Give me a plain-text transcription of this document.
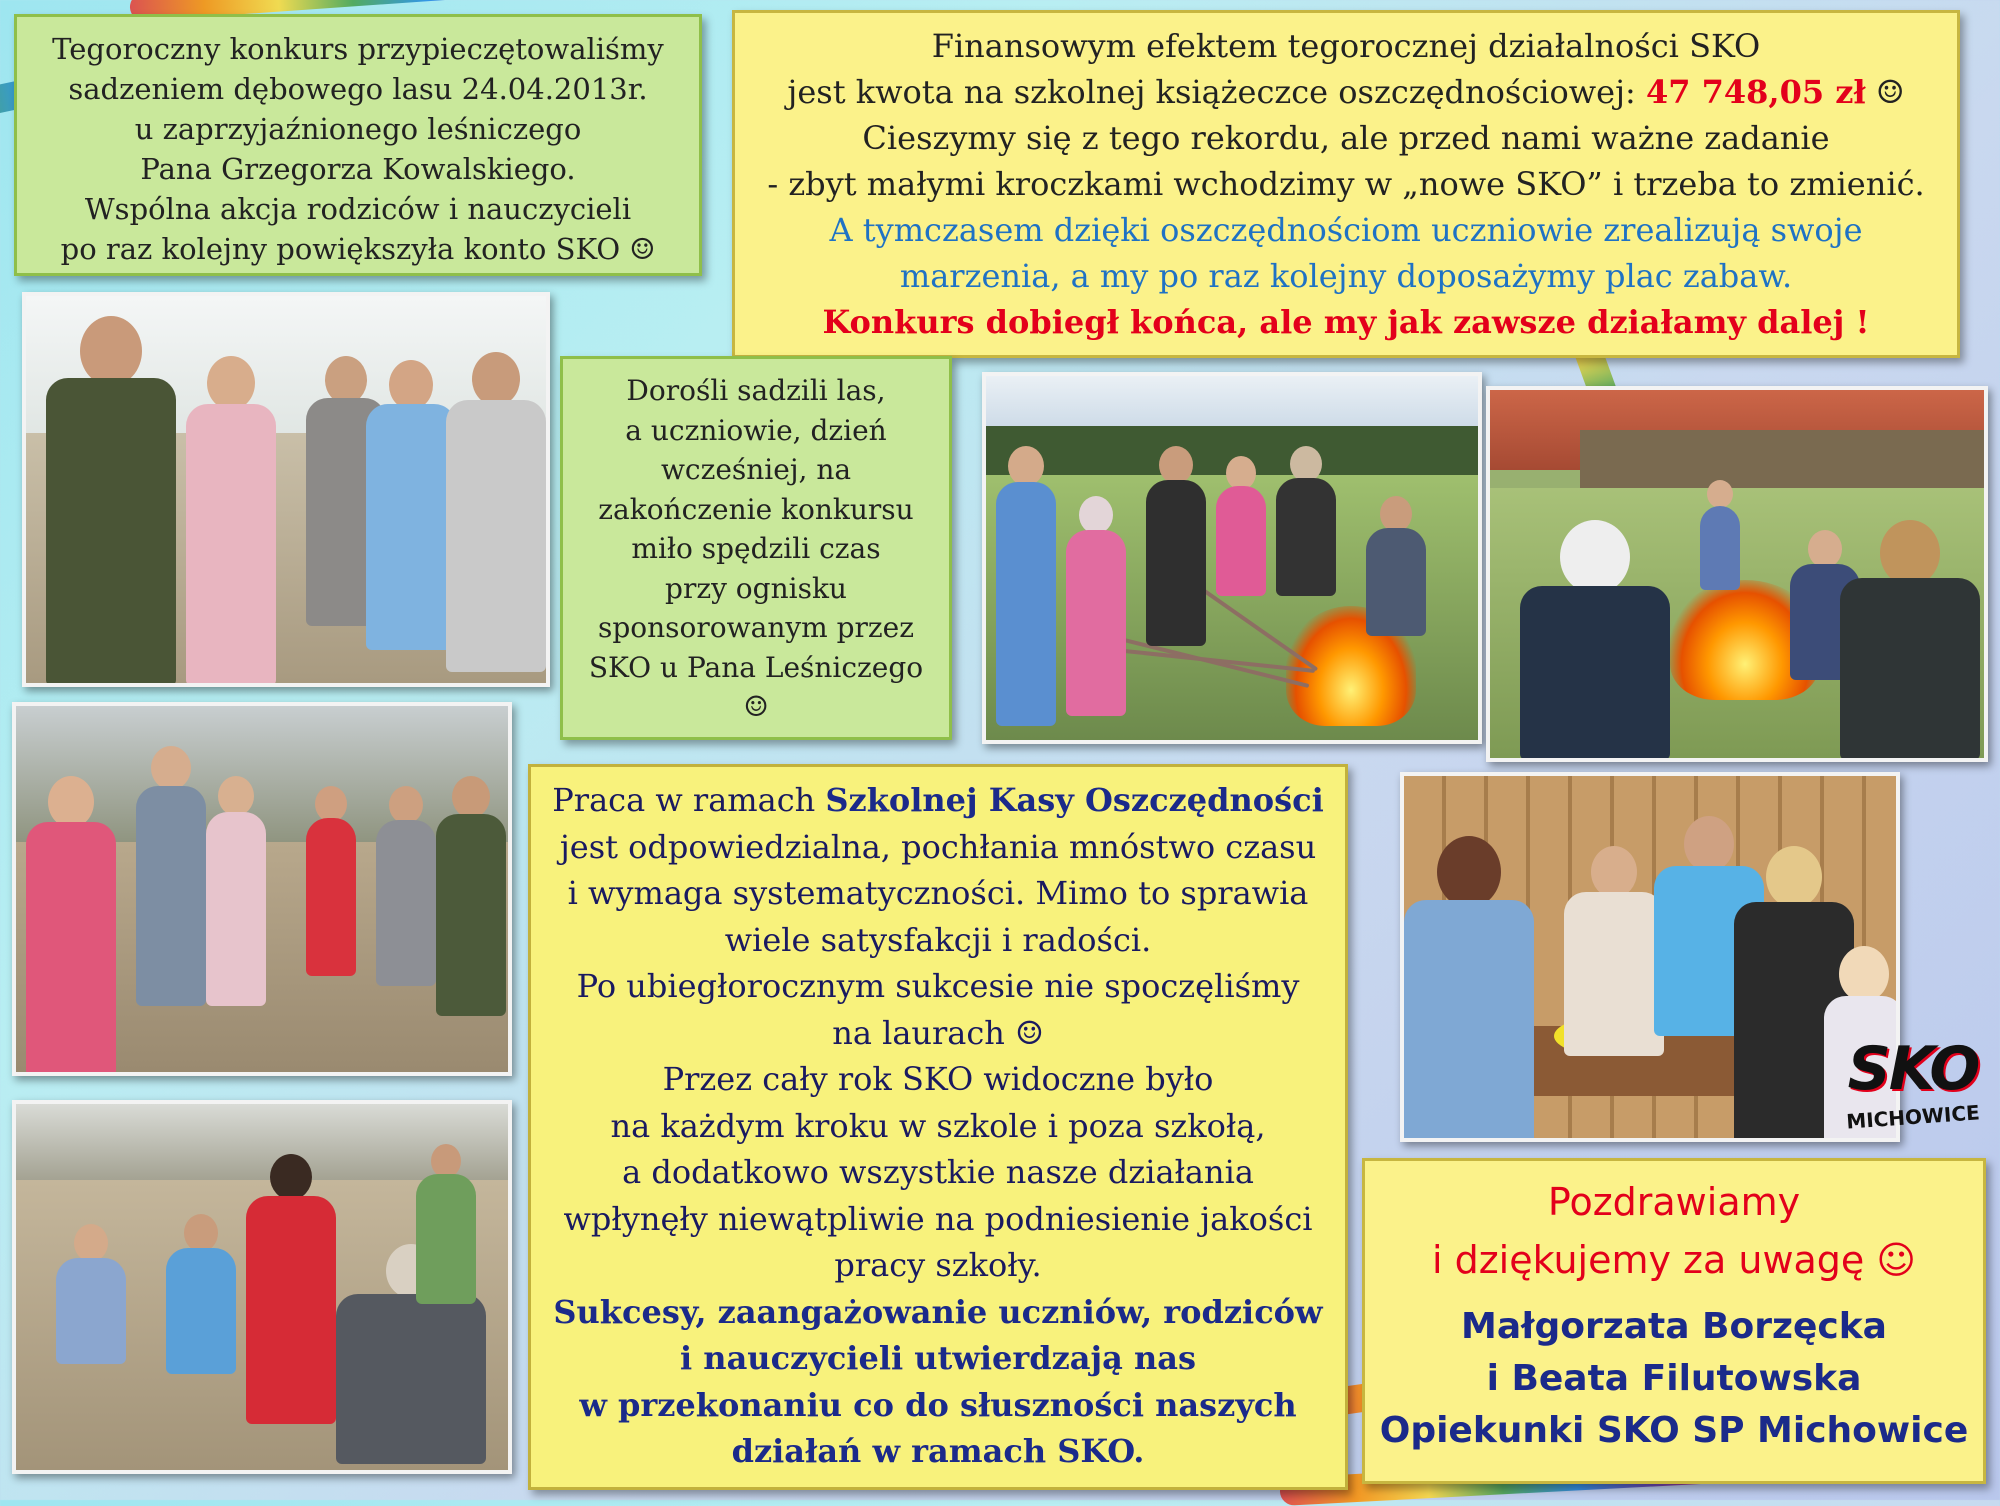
Tegoroczny konkurs przypieczętowaliśmy

sadzeniem dębowego lasu 24.04.2013r.

u zaprzyjaźnionego leśniczego

Pana Grzegorza Kowalskiego.

Wspólna akcja rodziców i nauczycieli

po raz kolejny powiększyła konto SKO ☺

Finansowym efektem tegorocznej działalności SKO

jest kwota na szkolnej książeczce oszczędnościowej: 47 748,05 zł ☺

Cieszymy się z tego rekordu, ale przed nami ważne zadanie

- zbyt małymi kroczkami wchodzimy w „nowe SKO” i trzeba to zmienić.

A tymczasem dzięki oszczędnościom uczniowie zrealizują swoje

marzenia, a my po raz kolejny doposażymy plac zabaw.

Konkurs dobiegł końca, ale my jak zawsze działamy dalej !

Dorośli sadzili las,

a uczniowie, dzień

wcześniej, na

zakończenie konkursu

miło spędzili czas

przy ognisku

sponsorowanym przez

SKO u Pana Leśniczego

☺

Praca w ramach Szkolnej Kasy Oszczędności

jest odpowiedzialna, pochłania mnóstwo czasu

i wymaga systematyczności. Mimo to sprawia

wiele satysfakcji i radości.

Po ubiegłorocznym sukcesie nie spoczęliśmy

na laurach ☺

Przez cały rok SKO widoczne było

na każdym kroku w szkole i poza szkołą,

a dodatkowo wszystkie nasze działania

wpłynęły niewątpliwie na podniesienie jakości

pracy szkoły.

Sukcesy, zaangażowanie uczniów, rodziców

i nauczycieli utwierdzają nas

w przekonaniu co do słuszności naszych

działań w ramach SKO.

SKO
MICHOWICE

Pozdrawiamy

i dziękujemy za uwagę ☺

Małgorzata Borzęcka

i Beata Filutowska

Opiekunki SKO SP Michowice
